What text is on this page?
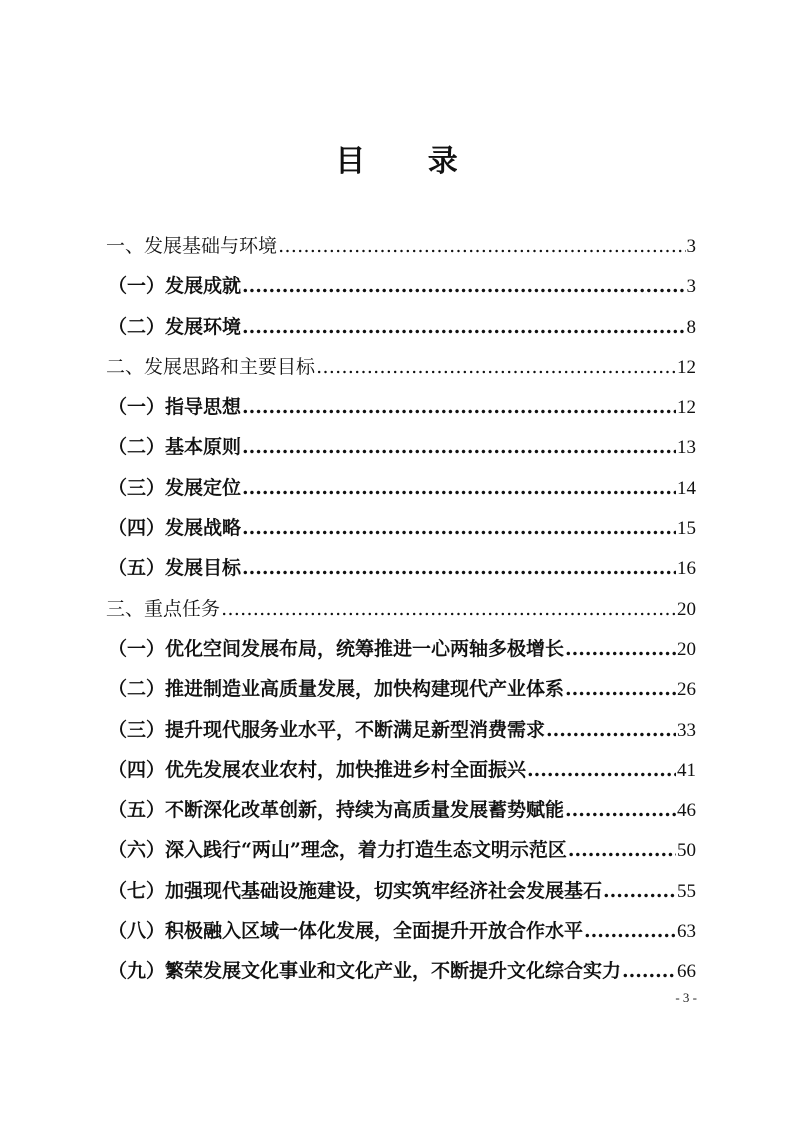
目 录
一、发展基础与环境 …………………………………………………………………………………………………………………………	3
（一）发展成就 .....	3
（二）发展环境 .....	8
二、发展思路和主要目标 …………………………………………………………………………………………………………………………	12
（一）指导思想 .....	12
（二）基本原则 .....	13
（三）发展定位 .....	14
（四）发展战略 .....	15
（五）发展目标 .....	16
三、重点任务 …………………………………………………………………………………………………………………………	20
（一）优化空间发展布局，统筹推进一心两轴多极增长 .....	20
（二）推进制造业高质量发展，加快构建现代产业体系 .....	26
（三）提升现代服务业水平，不断满足新型消费需求 .....	33
（四）优先发展农业农村，加快推进乡村全面振兴 .....	41
（五）不断深化改革创新，持续为高质量发展蓄势赋能 .....	46
（六）深入践行“两山”理念，着力打造生态文明示范区 .....	50
（七）加强现代基础设施建设，切实筑牢经济社会发展基石 .....	55
（八）积极融入区域一体化发展，全面提升开放合作水平 .....	63
（九）繁荣发展文化事业和文化产业，不断提升文化综合实力 .....	66
- 3 -
